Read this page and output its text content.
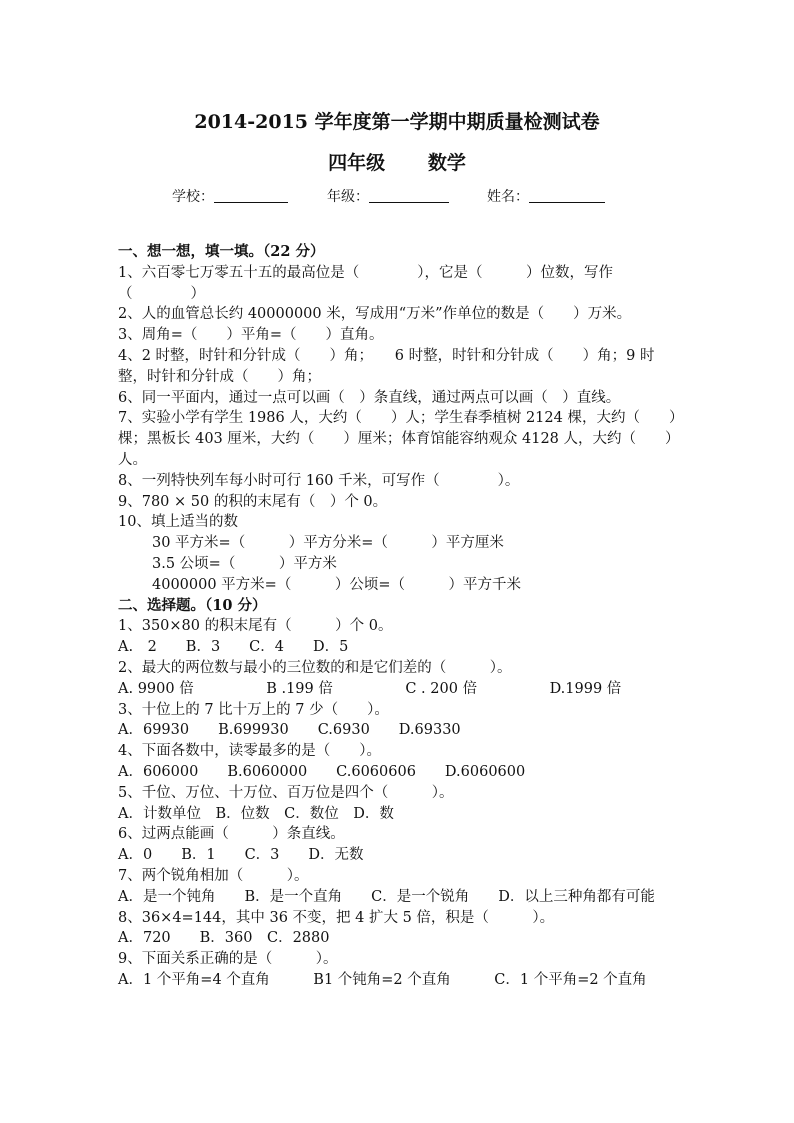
2014-2015 学年度第一学期中期质量检测试卷
四年级 数学
学校：	年级：	姓名：
一、想一想，填一填。（22 分）
1、六百零七万零五十五的最高位是（　　　　），它是（　　　）位数，写作（　　　　）
2、人的血管总长约 40000000 米，写成用“万米”作单位的数是（　　）万米。
3、周角=（　　）平角=（　　）直角。
4、2 时整，时针和分针成（　　）角；　　6 时整，时针和分针成（　　）角；9 时整，时针和分针成（　　）角；
6、同一平面内，通过一点可以画（　）条直线，通过两点可以画（　）直线。
7、实验小学有学生 1986 人，大约（　　）人；学生春季植树 2124 棵，大约（　　）棵；黑板长 403 厘米，大约（　　）厘米；体育馆能容纳观众 4128 人，大约（　　）人。
8、一列特快列车每小时可行 160 千米，可写作（　　　　）。
9、780 × 50 的积的末尾有（　）个 0。
10、填上适当的数
30 平方米=（　　　）平方分米=（　　　）平方厘米
3.5 公顷=（　　　）平方米
4000000 平方米=（　　　）公顷=（　　　）平方千米
二、选择题。（10 分）
1、350×80 的积末尾有（　　　）个 0。
A.　2　　B．3　　C．4　　D．5
2、最大的两位数与最小的三位数的和是它们差的（　　　）。
A. 9900 倍　　　　　B .199 倍　　　　　C . 200 倍　　　　　D.1999 倍
3、十位上的 7 比十万上的 7 少（　　）。
A．69930　　B.699930　　C.6930　　D.69330
4、下面各数中，读零最多的是（　　）。
A．606000　　B.6060000　　C.6060606　　D.6060600
5、千位、万位、十万位、百万位是四个（　　　）。
A．计数单位　B．位数　C．数位　D．数
6、过两点能画（　　　）条直线。
A．0　　B．1　　C．3　　D．无数
7、两个锐角相加（　　　）。
A．是一个钝角　　B．是一个直角　　C．是一个锐角　　D．以上三种角都有可能
8、36×4=144，其中 36 不变，把 4 扩大 5 倍，积是（　　　）。
A．720　　B．360　C．2880
9、下面关系正确的是（　　　）。
A．1 个平角=4 个直角　　　B1 个钝角=2 个直角　　　C．1 个平角=2 个直角
